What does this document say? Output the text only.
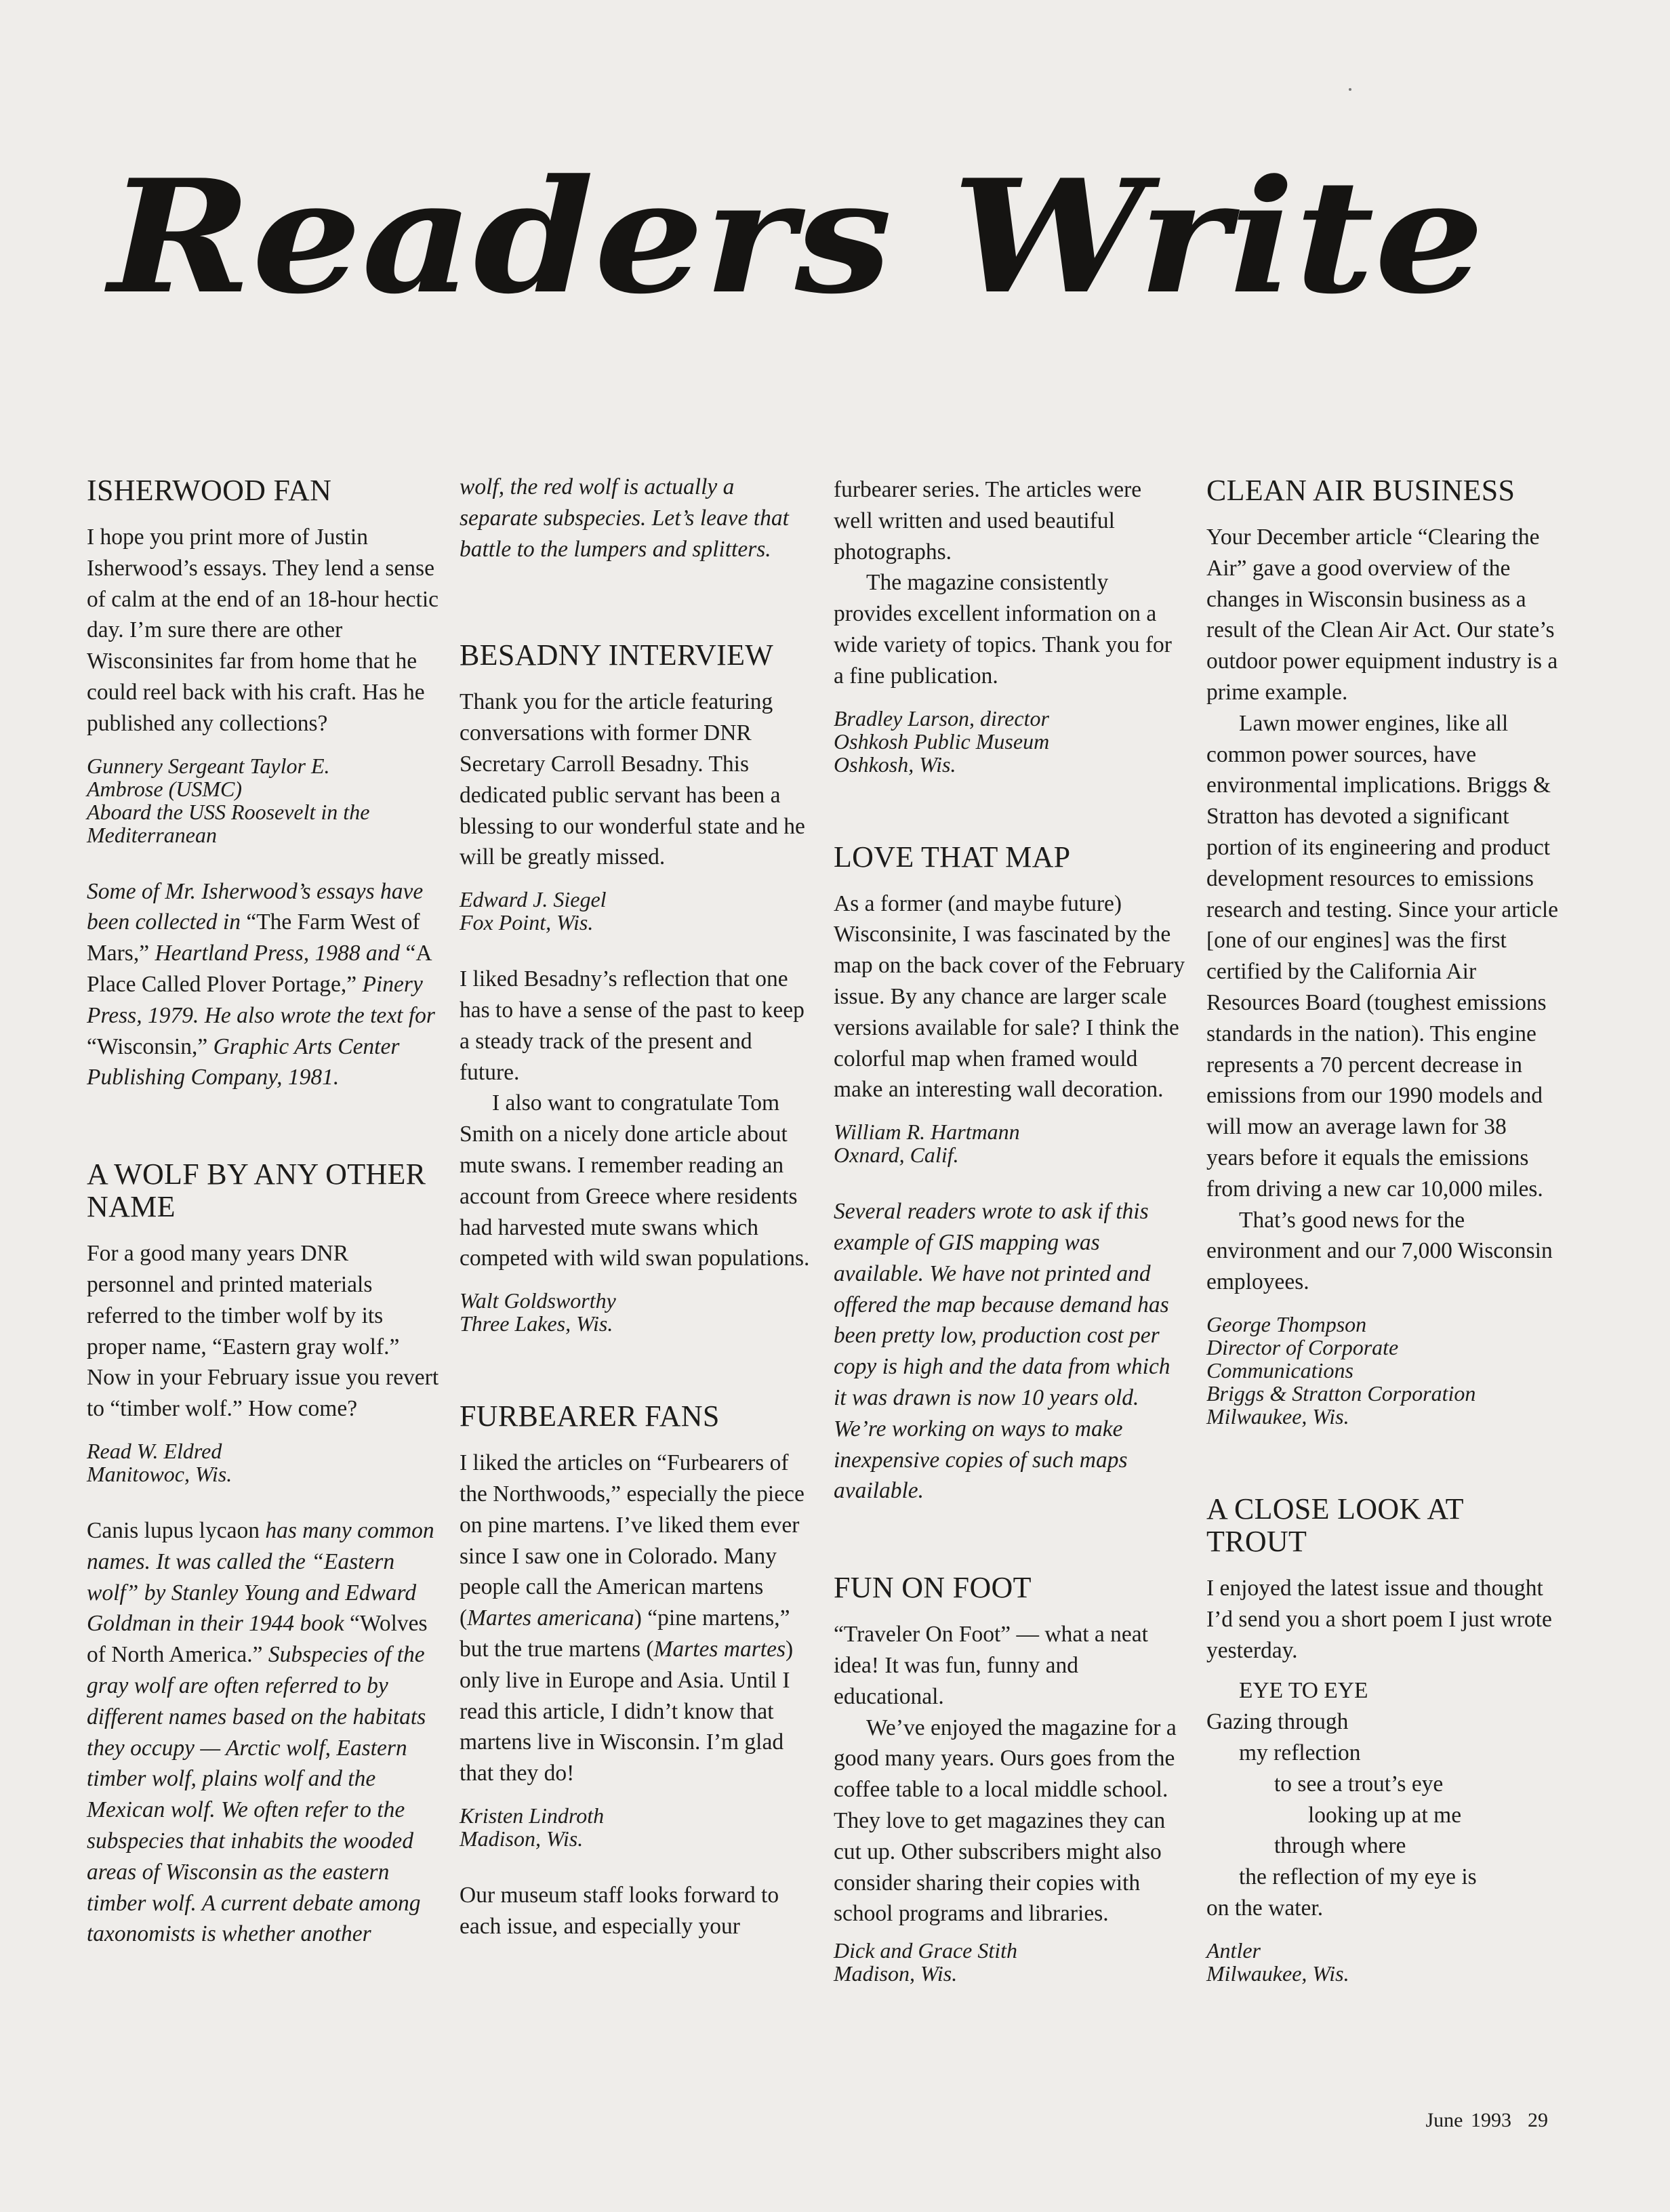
Readers Write
ISHERWOOD FAN

I hope you print more of Justin Isherwood’s essays. They lend a sense of calm at the end of an 18-hour hectic day. I’m sure there are other Wisconsinites far from home that he could reel back with his craft. Has he published any collections?

Gunnery Sergeant Taylor E.
Ambrose (USMC)
Aboard the USS Roosevelt in the
Mediterranean

Some of Mr. Isherwood’s essays have been collected in “The Farm West of Mars,” Heartland Press, 1988 and “A Place Called Plover Portage,” Pinery Press, 1979. He also wrote the text for “Wisconsin,” Graphic Arts Center Publishing Company, 1981.

A WOLF BY ANY OTHER NAME

For a good many years DNR personnel and printed materials referred to the timber wolf by its proper name, “Eastern gray wolf.” Now in your February issue you revert to “timber wolf.” How come?

Read W. Eldred
Manitowoc, Wis.

Canis lupus lycaon has many common names. It was called the “Eastern wolf” by Stanley Young and Edward Goldman in their 1944 book “Wolves of North America.” Subspecies of the gray wolf are often referred to by different names based on the habitats they occupy — Arctic wolf, Eastern timber wolf, plains wolf and the Mexican wolf. We often refer to the subspecies that inhabits the wooded areas of Wisconsin as the eastern timber wolf. A current debate among taxonomists is whether another

wolf, the red wolf is actually a separate subspecies. Let’s leave that battle to the lumpers and splitters.

BESADNY INTERVIEW

Thank you for the article featuring conversations with former DNR Secretary Carroll Besadny. This dedicated public servant has been a blessing to our wonderful state and he will be greatly missed.

Edward J. Siegel
Fox Point, Wis.

I liked Besadny’s reflection that one has to have a sense of the past to keep a steady track of the present and future.

I also want to congratulate Tom Smith on a nicely done article about mute swans. I remember reading an account from Greece where residents had harvested mute swans which competed with wild swan populations.

Walt Goldsworthy
Three Lakes, Wis.
FURBEARER FANS

I liked the articles on “Furbearers of the Northwoods,” especially the piece on pine martens. I’ve liked them ever since I saw one in Colorado. Many people call the American martens (Martes americana) “pine martens,” but the true martens (Martes martes) only live in Europe and Asia. Until I read this article, I didn’t know that martens live in Wisconsin. I’m glad that they do!

Kristen Lindroth
Madison, Wis.

Our museum staff looks forward to each issue, and especially your

furbearer series. The articles were well written and used beautiful photographs.

The magazine consistently provides excellent information on a wide variety of topics. Thank you for a fine publication.

Bradley Larson, director
Oshkosh Public Museum
Oshkosh, Wis.
LOVE THAT MAP

As a former (and maybe future) Wisconsinite, I was fascinated by the map on the back cover of the February issue. By any chance are larger scale versions available for sale? I think the colorful map when framed would make an interesting wall decoration.

William R. Hartmann
Oxnard, Calif.

Several readers wrote to ask if this example of GIS mapping was available. We have not printed and offered the map because demand has been pretty low, production cost per copy is high and the data from which it was drawn is now 10 years old. We’re working on ways to make inexpensive copies of such maps available.

FUN ON FOOT

“Traveler On Foot” — what a neat idea! It was fun, funny and educational.

We’ve enjoyed the magazine for a good many years. Ours goes from the coffee table to a local middle school. They love to get magazines they can cut up. Other subscribers might also consider sharing their copies with school programs and libraries.

Dick and Grace Stith
Madison, Wis.
CLEAN AIR BUSINESS

Your December article “Clearing the Air” gave a good overview of the changes in Wisconsin business as a result of the Clean Air Act. Our state’s outdoor power equipment industry is a prime example.

Lawn mower engines, like all common power sources, have environmental implications. Briggs & Stratton has devoted a significant portion of its engineering and product development resources to emissions research and testing. Since your article [one of our engines] was the first certified by the California Air Resources Board (toughest emissions standards in the nation). This engine represents a 70 percent decrease in emissions from our 1990 models and will mow an average lawn for 38 years before it equals the emissions from driving a new car 10,000 miles.

That’s good news for the environment and our 7,000 Wisconsin employees.

George Thompson
Director of Corporate
Communications
Briggs & Stratton Corporation
Milwaukee, Wis.
A CLOSE LOOK AT TROUT

I enjoyed the latest issue and thought I’d send you a short poem I just wrote yesterday.

EYE TO EYE
Gazing through
my reflection
to see a trout’s eye
looking up at me
through where
the reflection of my eye is
on the water.
Antler
Milwaukee, Wis.
June 1993 29
